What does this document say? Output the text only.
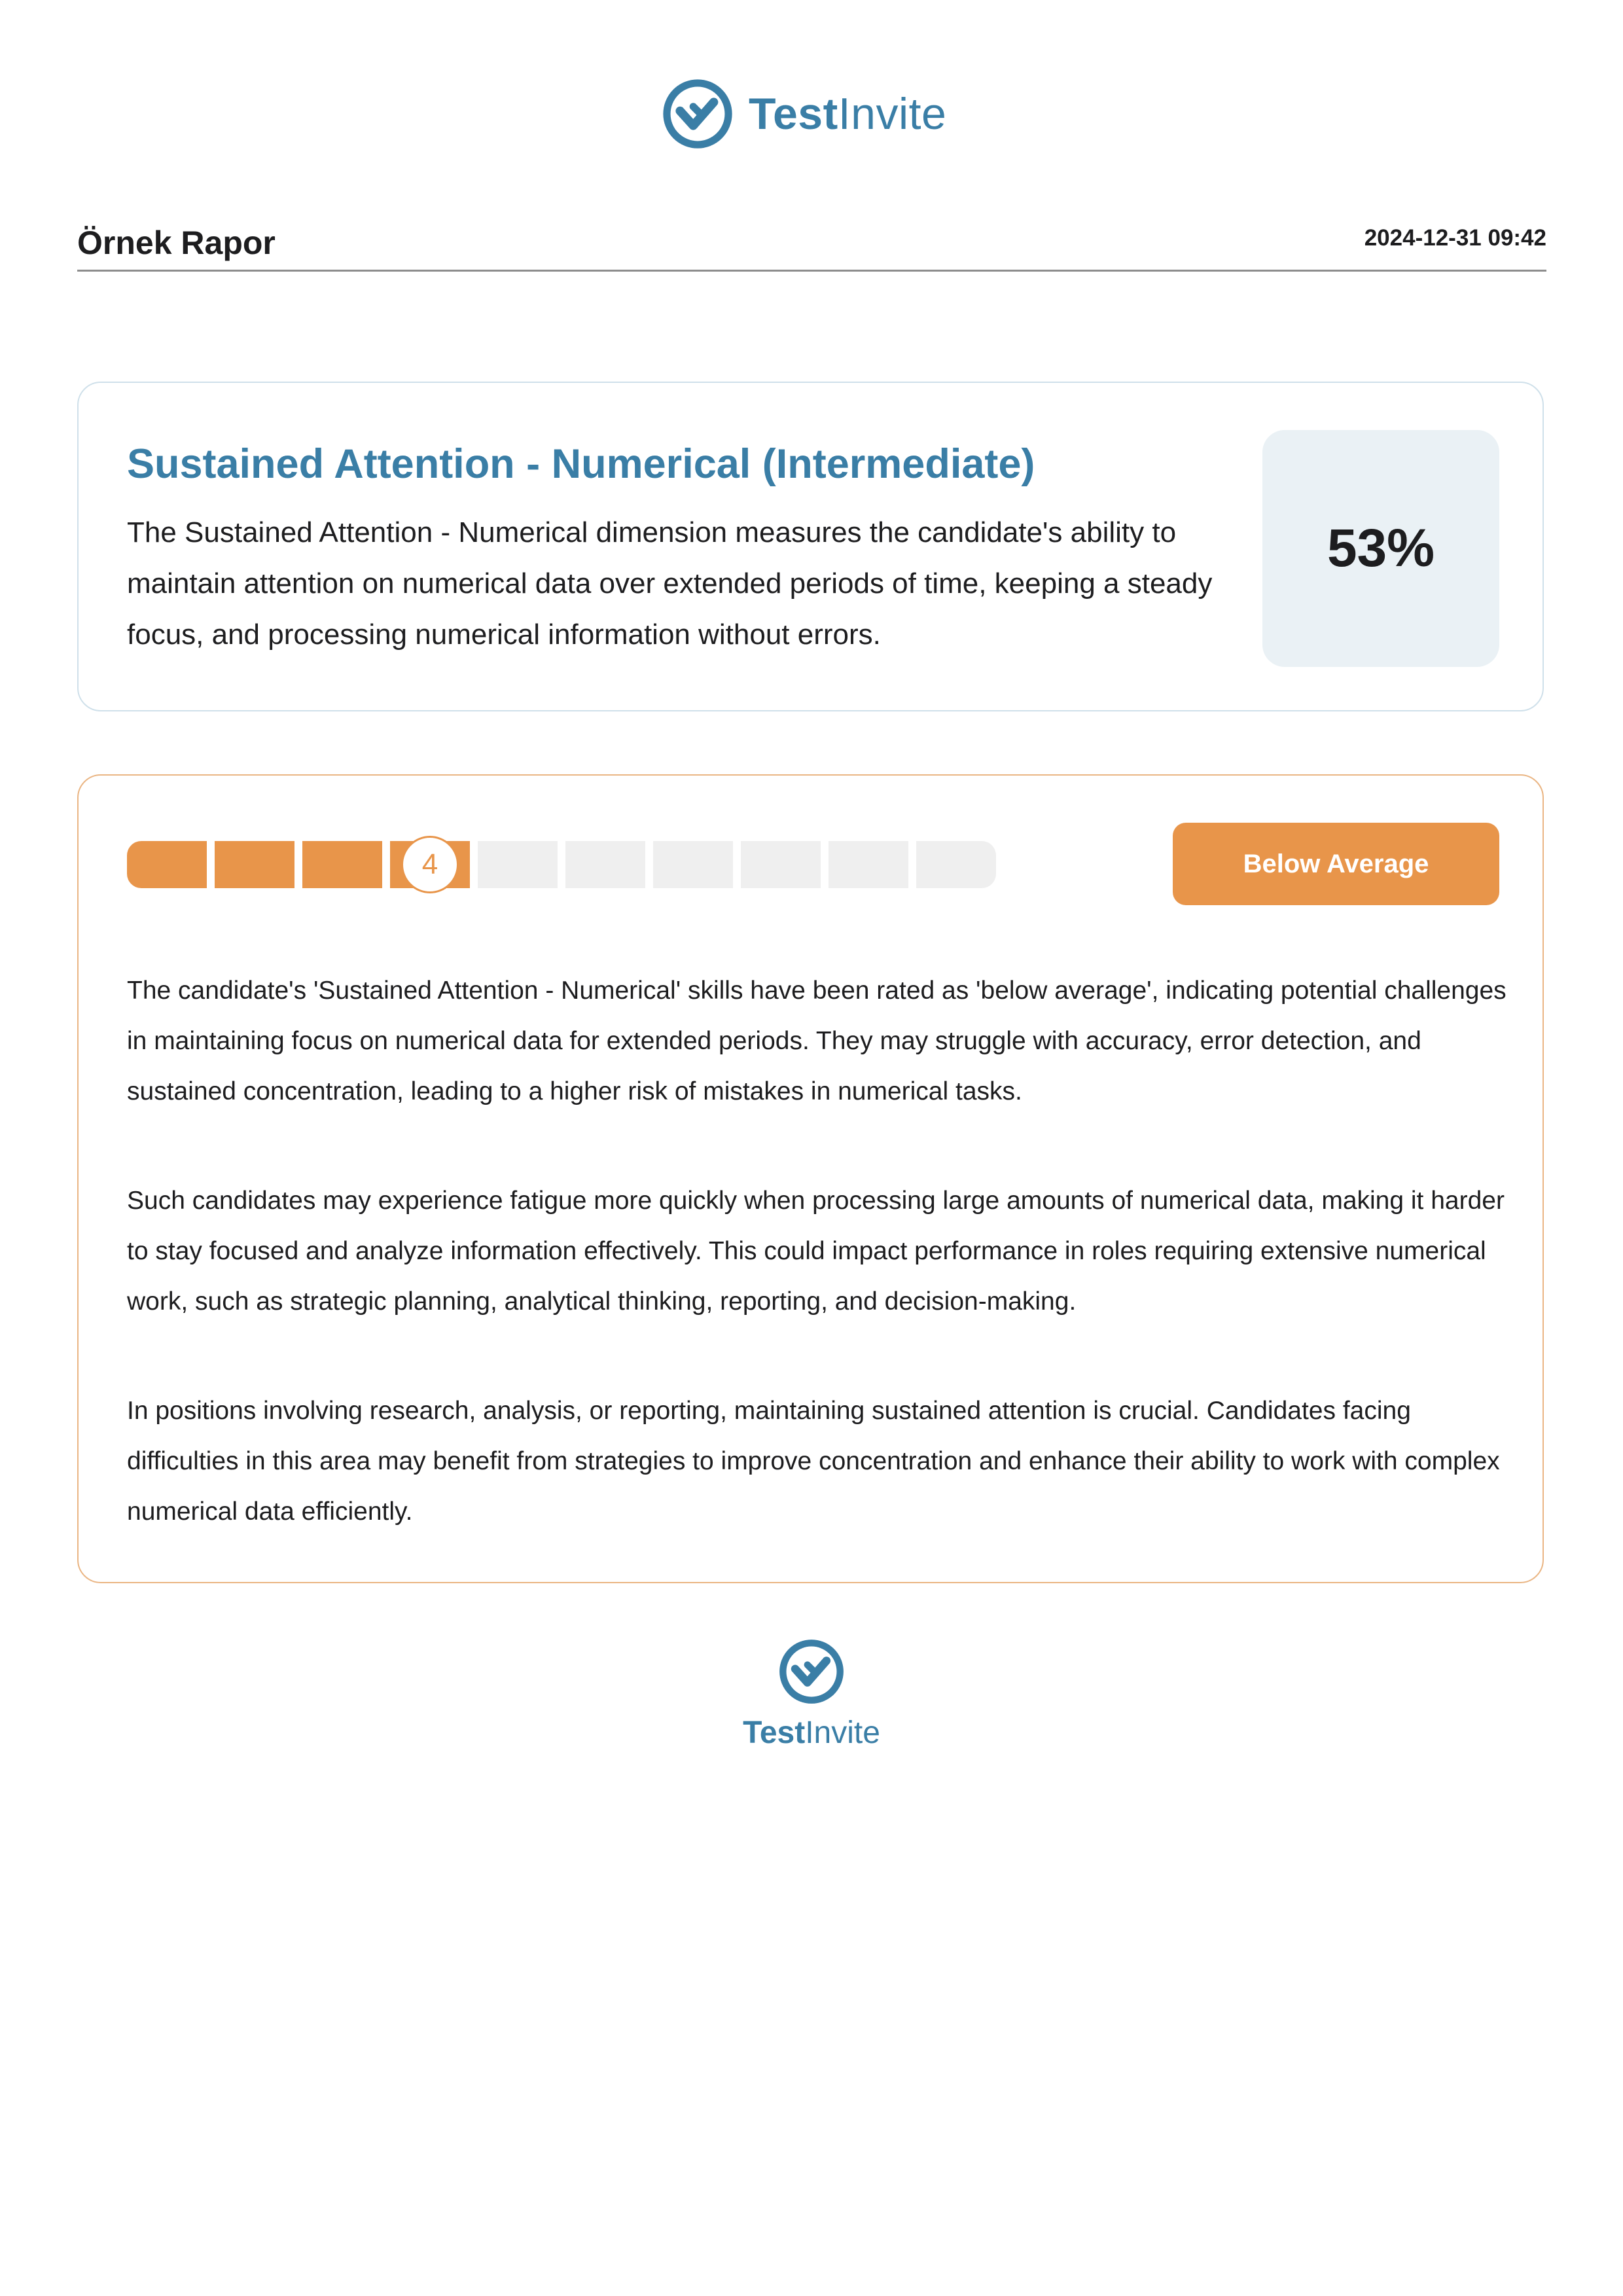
TestInvite
Örnek Rapor	2024-12-31 09:42
Sustained Attention - Numerical (Intermediate)
The Sustained Attention - Numerical dimension measures the candidate's ability to maintain attention on numerical data over extended periods of time, keeping a steady focus, and processing numerical information without errors.
53%
4	Below Average

The candidate's 'Sustained Attention - Numerical' skills have been rated as 'below average', indicating potential challenges in maintaining focus on numerical data for extended periods. They may struggle with accuracy, error detection, and sustained concentration, leading to a higher risk of mistakes in numerical tasks.

Such candidates may experience fatigue more quickly when processing large amounts of numerical data, making it harder to stay focused and analyze information effectively. This could impact performance in roles requiring extensive numerical work, such as strategic planning, analytical thinking, reporting, and decision-making.

In positions involving research, analysis, or reporting, maintaining sustained attention is crucial. Candidates facing difficulties in this area may benefit from strategies to improve concentration and enhance their ability to work with complex numerical data efficiently.

TestInvite
